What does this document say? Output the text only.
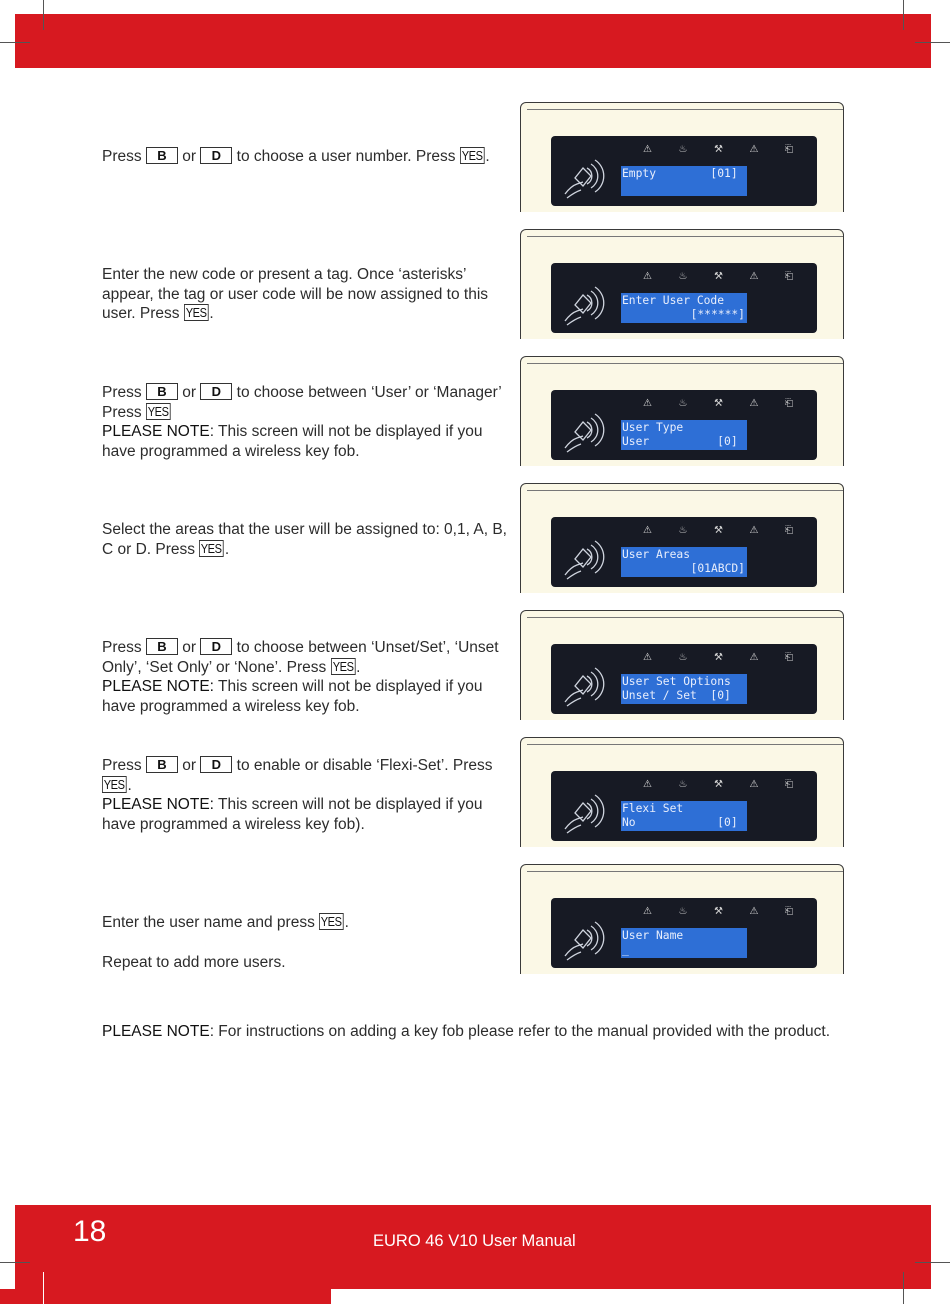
Press B or D to choose a user number. Press YES .

Enter the new code or present a tag. Once ‘asterisks’ appear, the tag or user code will be now assigned to this user. Press YES .

Press B or D to choose between ‘User’ or ‘Manager’ Press YES

PLEASE NOTE: This screen will not be displayed if you have programmed a wireless key fob.

Select the areas that the user will be assigned to: 0,1, A, B, C or D. Press YES .

Press B or D to choose between ‘Unset/Set’, ‘Unset Only’, ‘Set Only’ or ‘None’. Press YES .

PLEASE NOTE: This screen will not be displayed if you have programmed a wireless key fob.

Press B or D to enable or disable ‘Flexi-Set’. Press YES .

PLEASE NOTE: This screen will not be displayed if you have programmed a wireless key fob).

Enter the user name and press YES .

Repeat to add more users.

⚠	♨	⚒	⚠	⎗
Empty        [01]
⚠	♨	⚒	⚠	⎗
Enter User Code
[******]
⚠	♨	⚒	⚠	⎗
User Type
User          [0]
⚠	♨	⚒	⚠	⎗
User Areas
[01ABCD]
⚠	♨	⚒	⚠	⎗
User Set Options
Unset / Set  [0]
⚠	♨	⚒	⚠	⎗
Flexi Set
No            [0]
⚠	♨	⚒	⚠	⎗
User Name
_
PLEASE NOTE: For instructions on adding a key fob please refer to the manual provided with the product.
18	EURO 46 V10 User Manual
